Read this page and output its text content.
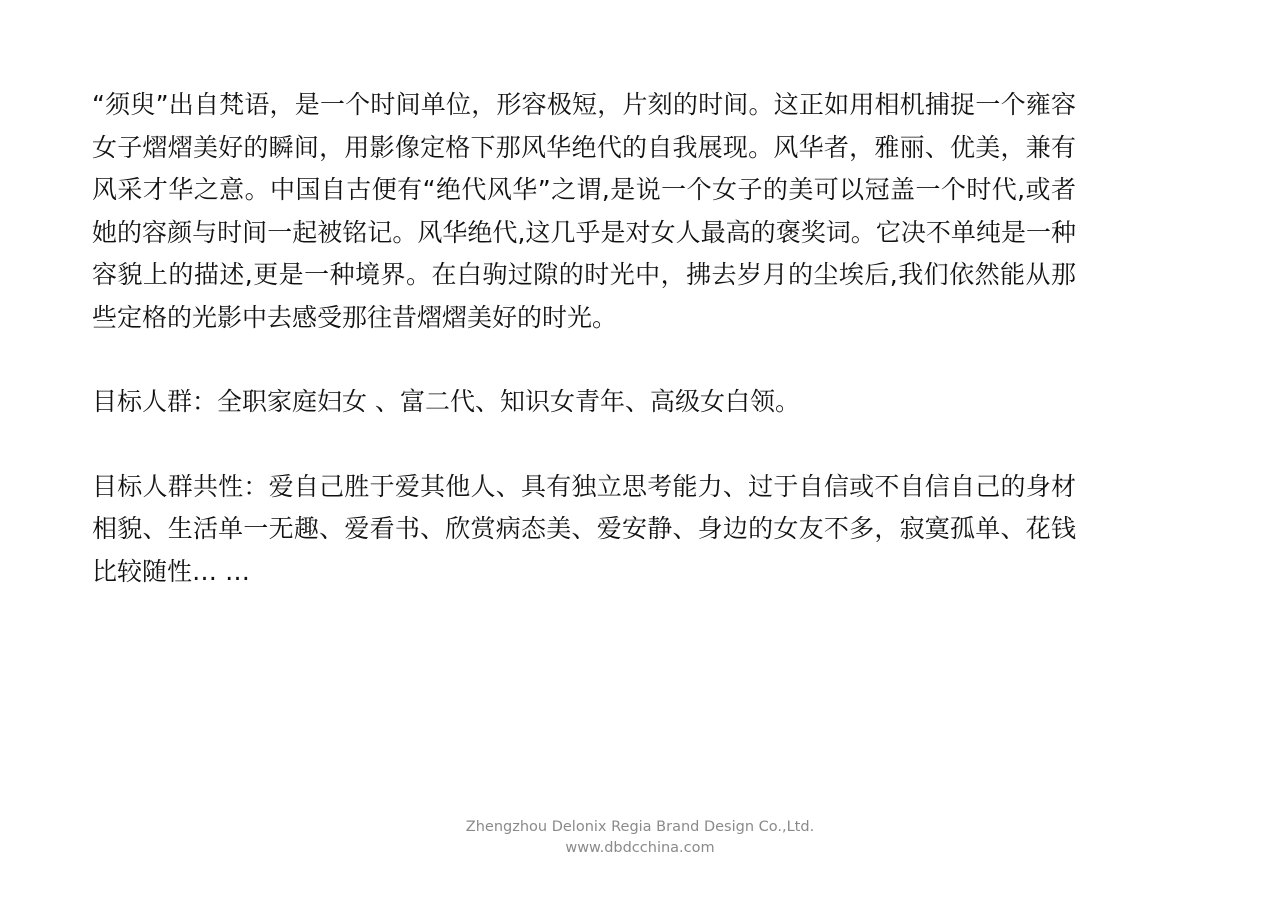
“须臾”出自梵语，是一个时间单位，形容极短，片刻的时间。这正如用相机捕捉一个雍容女子熠熠美好的瞬间，用影像定格下那风华绝代的自我展现。风华者，雅丽、优美，兼有风采才华之意。中国自古便有“绝代风华”之谓,是说一个女子的美可以冠盖一个时代,或者她的容颜与时间一起被铭记。风华绝代,这几乎是对女人最高的褒奖词。它决不单纯是一种容貌上的描述,更是一种境界。在白驹过隙的时光中，拂去岁月的尘埃后,我们依然能从那些定格的光影中去感受那往昔熠熠美好的时光。

目标人群：全职家庭妇女 、富二代、知识女青年、高级女白领。

目标人群共性：爱自己胜于爱其他人、具有独立思考能力、过于自信或不自信自己的身材相貌、生活单一无趣、爱看书、欣赏病态美、爱安静、身边的女友不多，寂寞孤单、花钱比较随性… …

Zhengzhou Delonix Regia Brand Design Co.,Ltd.
www.dbdcchina.com
